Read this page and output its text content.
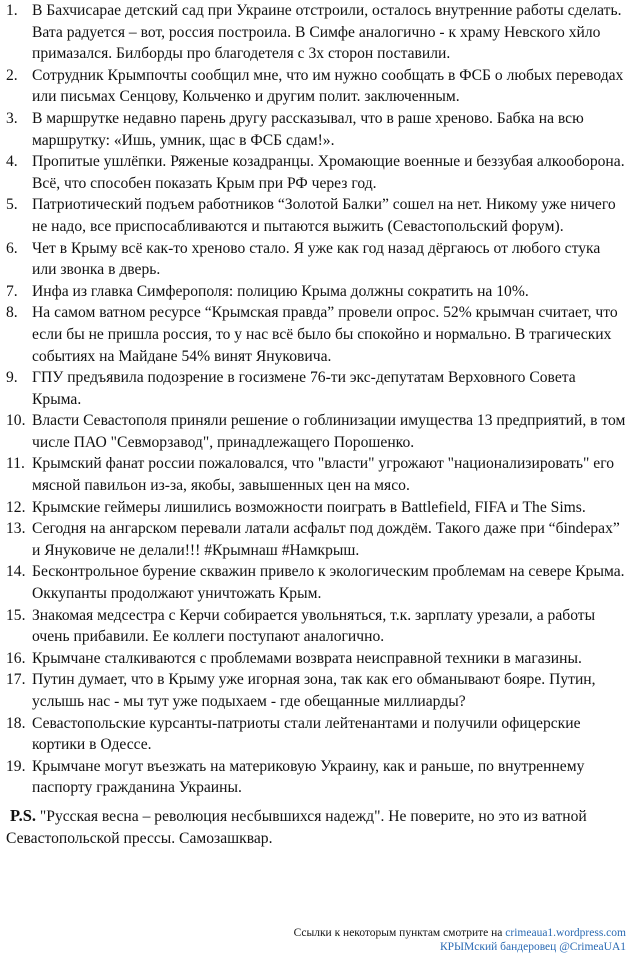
1. В Бахчисарае детский сад при Украине отстроили, осталось внутренние работы сделать. Вата радуется – вот, россия построила. В Симфе аналогично - к храму Невского хйло примазался. Билборды про благодетеля с 3х сторон поставили.
2. Сотрудник Крымпочты сообщил мне, что им нужно сообщать в ФСБ о любых переводах или письмах Сенцову, Кольченко и другим полит. заключенным.
3. В маршрутке недавно парень другу рассказывал, что в раше хреново. Бабка на всю маршрутку: «Ишь, умник, щас в ФСБ сдам!».
4. Пропитые ушлёпки. Ряженые козадранцы. Хромающие военные и беззубая алкооборона. Всё, что способен показать Крым при РФ через год.
5. Патриотический подъем работников “Золотой Балки” сошел на нет. Никому уже ничего не надо, все приспосабливаются и пытаются выжить (Севастопольский форум).
6. Чет в Крыму всё как-то хреново стало. Я уже как год назад дёргаюсь от любого стука или звонка в дверь.
7. Инфа из главка Симферополя: полицию Крыма должны сократить на 10%.
8. На самом ватном ресурсе “Крымская правда” провели опрос. 52% крымчан считает, что если бы не пришла россия, то у нас всё было бы спокойно и нормально. В трагических событиях на Майдане 54% винят Януковича.
9. ГПУ предъявила подозрение в госизмене 76-ти экс-депутатам Верховного Совета Крыма.
10. Власти Севастополя приняли решение о гоблинизации имущества 13 предприятий, в том числе ПАО "Севморзавод", принадлежащего Порошенко.
11. Крымский фанат россии пожаловался, что "власти" угрожают "национализировать" его мясной павильон из-за, якобы, завышенных цен на мясо.
12. Крымские геймеры лишились возможности поиграть в Battlefield, FIFA и The Sims.
13. Сегодня на ангарском перевали латали асфальт под дождём. Такого даже при “бindepах” и Януковиче не делали!!! #Крымнаш #Намкрыш.
14. Бесконтрольное бурение скважин привело к экологическим проблемам на севере Крыма. Оккупанты продолжают уничтожать Крым.
15. Знакомая медсестра с Керчи собирается увольняться, т.к. зарплату урезали, а работы очень прибавили. Ее коллеги поступают аналогично.
16. Крымчане сталкиваются с проблемами возврата неисправной техники в магазины.
17. Путин думает, что в Крыму уже игорная зона, так как его обманывают бояре. Путин, услышь нас - мы тут уже подыхаем - где обещанные миллиарды?
18. Севастопольские курсанты-патриоты стали лейтенантами и получили офицерские кортики в Одессе.
19. Крымчане могут въезжать на материковую Украину, как и раньше, по внутреннему паспорту гражданина Украины.
P.S. "Русская весна – революция несбывшихся надежд". Не поверите, но это из ватной Севастопольской прессы. Самозашквар.
Ссылки к некоторым пунктам смотрите на crimeaua1.wordpress.com
КРЫМский бандеровец @CrimeaUA1
